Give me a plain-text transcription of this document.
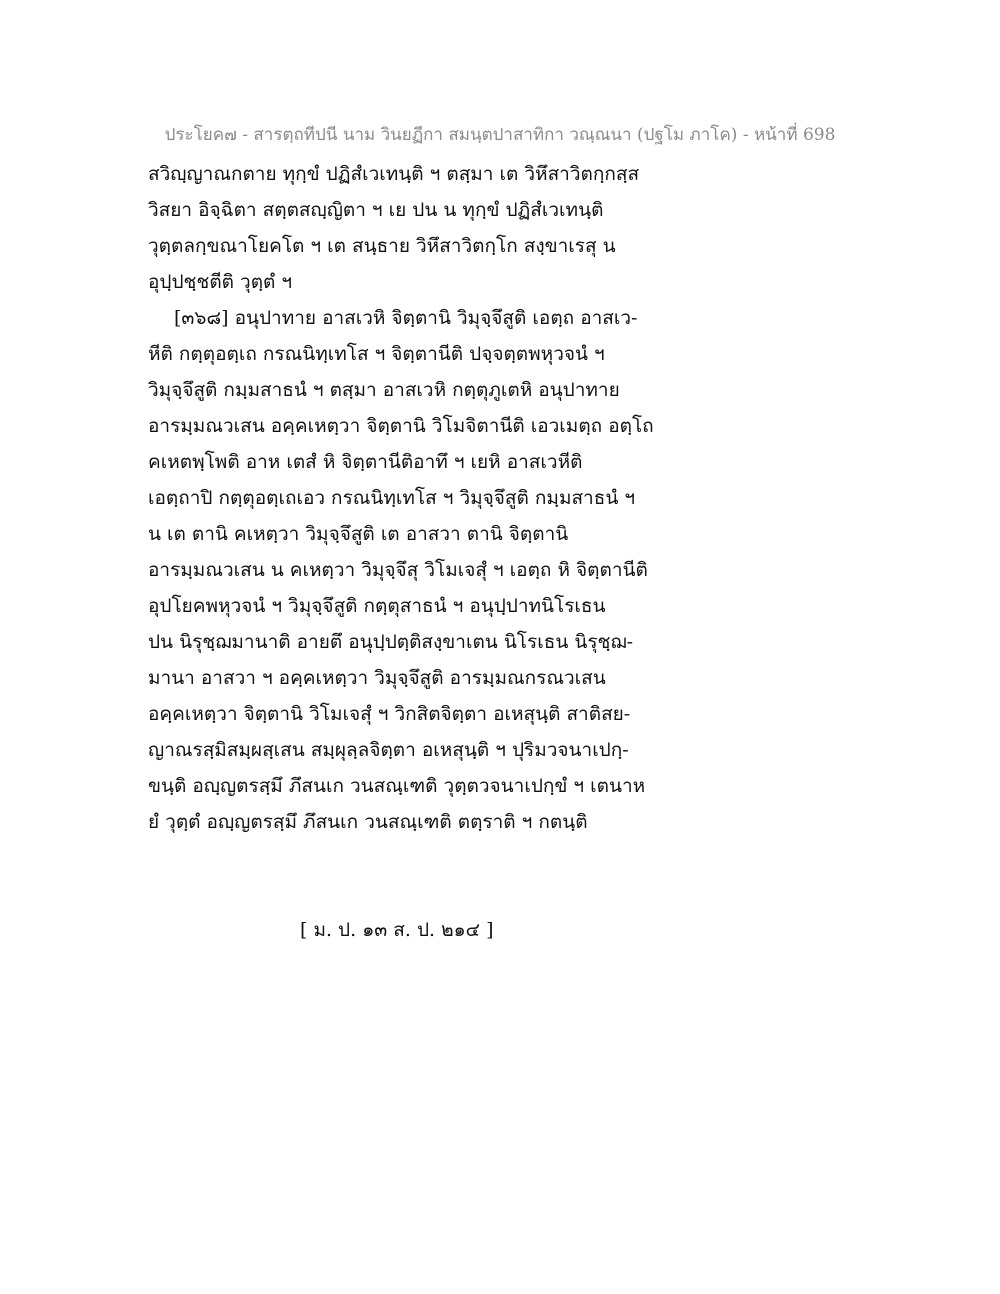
ประโยค๗ - สารตฺถทีปนี นาม วินยฏีกา สมนฺตปาสาทิกา วณฺณนา (ปฐโม ภาโค) - หน้าที่ 698
สวิญฺญาณกตาย ทุกฺขํ ปฏิสํเวเทนฺติ ฯ ตสฺมา เต วิหึสาวิตกฺกสฺส
วิสยา อิจฺฉิตา สตฺตสญฺญิตา ฯ เย ปน น ทุกฺขํ ปฏิสํเวเทนฺติ
วุตฺตลกฺขณาโยคโต ฯ เต สนฺธาย วิหึสาวิตกฺโก สงฺขาเรสุ น
อุปฺปชฺชตีติ วุตฺตํ ฯ
[๓๖๘] อนุปาทาย อาสเวหิ จิตฺตานิ วิมุจฺจึสูติ เอตฺถ อาสเว-
หีติ กตฺตุอตฺเถ กรณนิทฺเทโส ฯ จิตฺตานีติ ปจฺจตฺตพหุวจนํ ฯ
วิมุจฺจึสูติ กมฺมสาธนํ ฯ ตสฺมา อาสเวหิ กตฺตุภูเตหิ อนุปาทาย
อารมฺมณวเสน อคฺคเหตฺวา จิตฺตานิ วิโมจิตานีติ เอวเมตฺถ อตฺโถ
คเหตพฺโพติ อาห เตสํ หิ จิตฺตานีติอาทึ ฯ เยหิ อาสเวหีติ
เอตฺถาปิ กตฺตุอตฺเถเอว กรณนิทฺเทโส ฯ วิมุจฺจึสูติ กมฺมสาธนํ ฯ
น เต ตานิ คเหตฺวา วิมุจฺจึสูติ เต อาสวา ตานิ จิตฺตานิ
อารมฺมณวเสน น คเหตฺวา วิมุจฺจึสุ วิโมเจสุํ ฯ เอตฺถ หิ จิตฺตานีติ
อุปโยคพหุวจนํ ฯ วิมุจฺจึสูติ กตฺตุสาธนํ ฯ อนุปฺปาทนิโรเธน
ปน นิรุชฺฌมานาติ อายตึ อนุปฺปตฺติสงฺขาเตน นิโรเธน นิรุชฺฌ-
มานา อาสวา ฯ อคฺคเหตฺวา วิมุจฺจึสูติ อารมฺมณกรณวเสน
อคฺคเหตฺวา จิตฺตานิ วิโมเจสุํ ฯ วิกสิตจิตฺตา อเหสุนฺติ สาติสย-
ญาณรสฺมิสมฺผสฺเสน สมฺผุลฺลจิตฺตา อเหสุนฺติ ฯ ปุริมวจนาเปกฺ-
ขนฺติ อญฺญตรสฺมึ ภึสนเก วนสณฺเฑติ วุตฺตวจนาเปกฺขํ ฯ เตนาห
ยํ วุตฺตํ อญฺญตรสฺมึ ภึสนเก วนสณฺเฑติ ตตฺราติ ฯ กตนฺติ
[ ม. ป. ๑๓ ส. ป. ๒๑๔ ]
